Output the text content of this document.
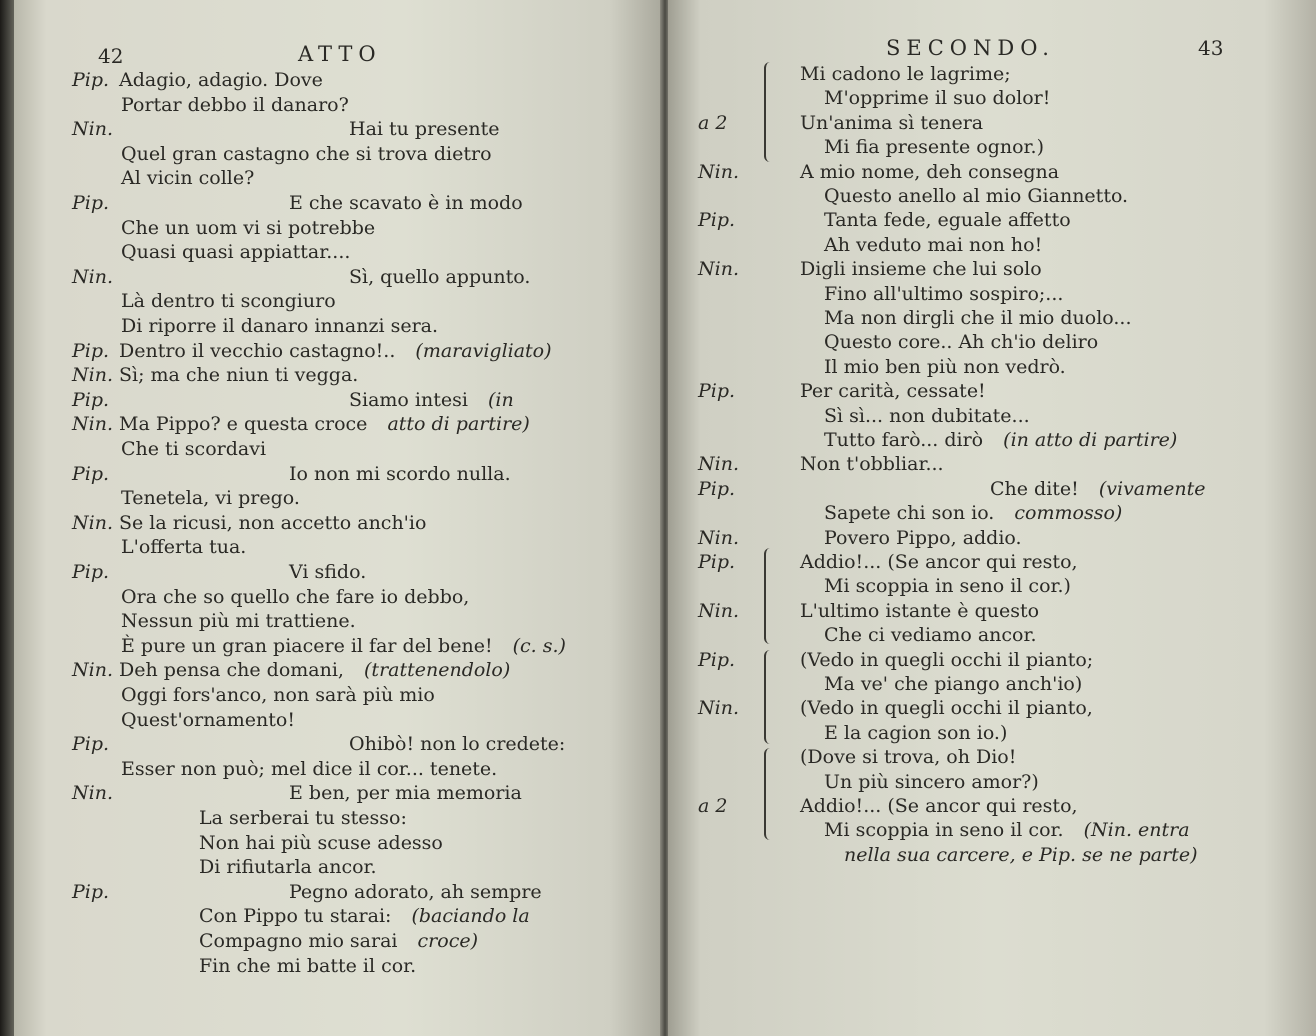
42	ATTO
Pip. Adagio, adagio. Dove
Portar debbo il danaro?
Nin.	Hai tu presente
Quel gran castagno che si trova dietro
Al vicin colle?
Pip.	E che scavato è in modo
Che un uom vi si potrebbe
Quasi quasi appiattar....
Nin.	Sì, quello appunto.
Là dentro ti scongiuro
Di riporre il danaro innanzi sera.
Pip. Dentro il vecchio castagno!.. (maravigliato)
Nin. Sì; ma che niun ti vegga.
Pip.	Siamo intesi (in
Nin. Ma Pippo? e questa croce atto di partire)
Che ti scordavi
Pip.	Io non mi scordo nulla.
Tenetela, vi prego.
Nin. Se la ricusi, non accetto anch'io
L'offerta tua.
Pip.	Vi sfido.
Ora che so quello che fare io debbo,
Nessun più mi trattiene.
È pure un gran piacere il far del bene! (c. s.)
Nin. Deh pensa che domani, (trattenendolo)
Oggi fors'anco, non sarà più mio
Quest'ornamento!
Pip.	Ohibò! non lo credete:
Esser non può; mel dice il cor... tenete.
Nin.	E ben, per mia memoria
La serberai tu stesso:
Non hai più scuse adesso
Di rifiutarla ancor.
Pip.	Pegno adorato, ah sempre
Con Pippo tu starai: (baciando la
Compagno mio sarai croce)
Fin che mi batte il cor.
SECONDO.	43
Mi cadono le lagrime;
M'opprime il suo dolor!
a 2	Un'anima sì tenera
Mi fia presente ognor.)
Nin.	A mio nome, deh consegna
Questo anello al mio Giannetto.
Pip.	Tanta fede, eguale affetto
Ah veduto mai non ho!
Nin.	Digli insieme che lui solo
Fino all'ultimo sospiro;...
Ma non dirgli che il mio duolo...
Questo core.. Ah ch'io deliro
Il mio ben più non vedrò.
Pip.	Per carità, cessate!
Sì sì... non dubitate...
Tutto farò... dirò (in atto di partire)
Nin.	Non t'obbliar...
Pip.	Che dite! (vivamente
Sapete chi son io. commosso)
Nin.	Povero Pippo, addio.
Pip.	Addio!... (Se ancor qui resto,
Mi scoppia in seno il cor.)
Nin.	L'ultimo istante è questo
Che ci vediamo ancor.
Pip.	(Vedo in quegli occhi il pianto;
Ma ve' che piango anch'io)
Nin.	(Vedo in quegli occhi il pianto,
E la cagion son io.)
(Dove si trova, oh Dio!
Un più sincero amor?)
a 2	Addio!... (Se ancor qui resto,
Mi scoppia in seno il cor. (Nin. entra
nella sua carcere, e Pip. se ne parte)
